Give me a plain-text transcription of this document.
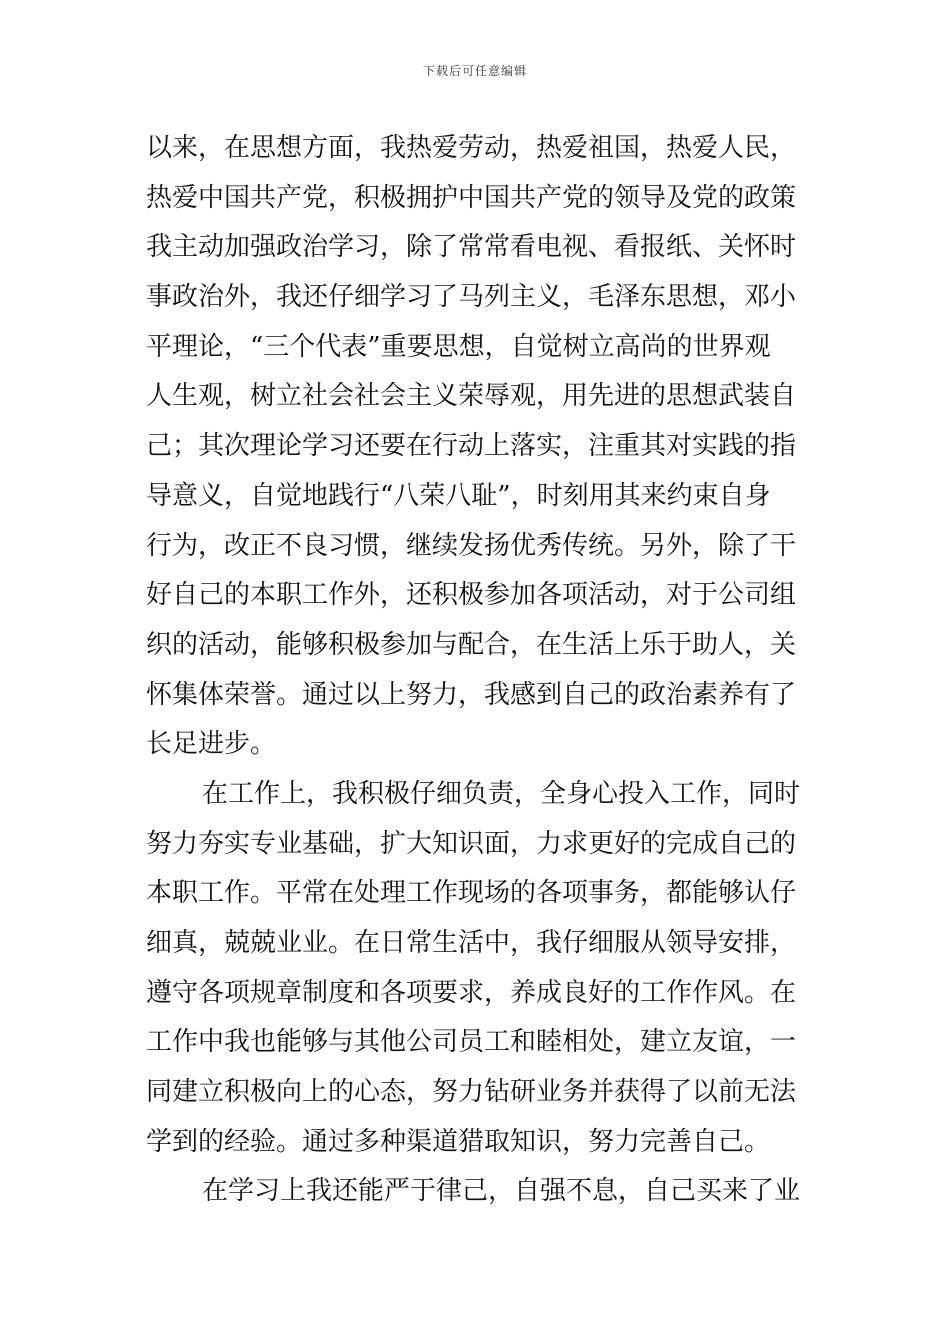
下载后可任意编辑
以来，在思想方面，我热爱劳动，热爱祖国，热爱人民，
热爱中国共产党，积极拥护中国共产党的领导及党的政策
我主动加强政治学习，除了常常看电视、看报纸、关怀时
事政治外，我还仔细学习了马列主义，毛泽东思想，邓小
平理论，“三个代表”重要思想，自觉树立高尚的世界观
人生观，树立社会社会主义荣辱观，用先进的思想武装自
己；其次理论学习还要在行动上落实，注重其对实践的指
导意义，自觉地践行“八荣八耻”，时刻用其来约束自身
行为，改正不良习惯，继续发扬优秀传统。另外，除了干
好自己的本职工作外，还积极参加各项活动，对于公司组
织的活动，能够积极参加与配合，在生活上乐于助人，关
怀集体荣誉。通过以上努力，我感到自己的政治素养有了
长足进步。
在工作上，我积极仔细负责，全身心投入工作，同时
努力夯实专业基础，扩大知识面，力求更好的完成自己的
本职工作。平常在处理工作现场的各项事务，都能够认仔
细真，兢兢业业。在日常生活中，我仔细服从领导安排，
遵守各项规章制度和各项要求，养成良好的工作作风。在
工作中我也能够与其他公司员工和睦相处，建立友谊，一
同建立积极向上的心态，努力钻研业务并获得了以前无法
学到的经验。通过多种渠道猎取知识，努力完善自己。
在学习上我还能严于律己，自强不息，自己买来了业
